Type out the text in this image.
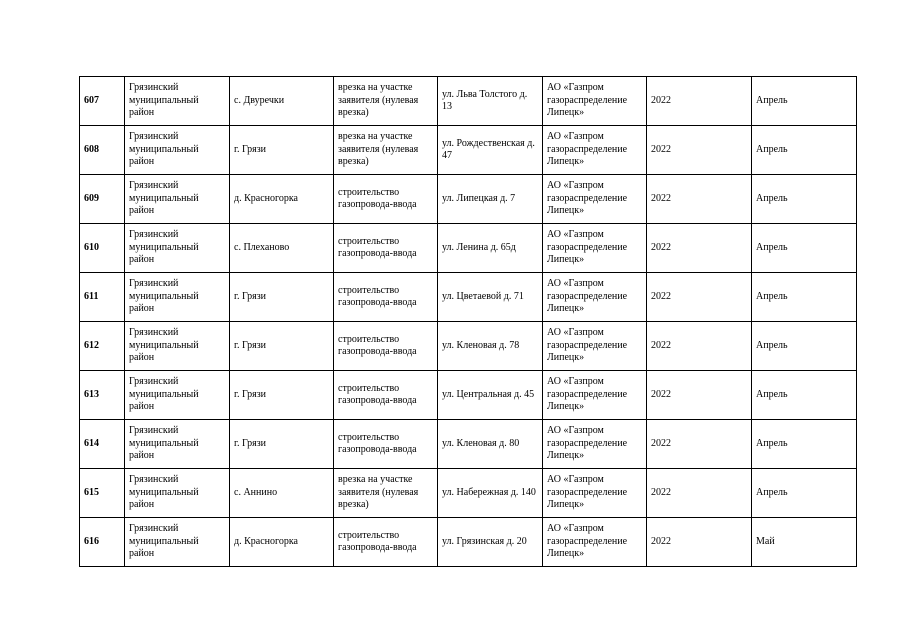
607	Грязинский муниципальный район	с. Двуречки	врезка на участке заявителя (нулевая врезка)	ул. Льва Толстого д. 13	АО «Газпром газораспределение Липецк»	2022	Апрель
608	Грязинский муниципальный район	г. Грязи	врезка на участке заявителя (нулевая врезка)	ул. Рождественская д. 47	АО «Газпром газораспределение Липецк»	2022	Апрель
609	Грязинский муниципальный район	д. Красногорка	строительство газопровода-ввода	ул. Липецкая д. 7	АО «Газпром газораспределение Липецк»	2022	Апрель
610	Грязинский муниципальный район	с. Плеханово	строительство газопровода-ввода	ул. Ленина д. 65д	АО «Газпром газораспределение Липецк»	2022	Апрель
611	Грязинский муниципальный район	г. Грязи	строительство газопровода-ввода	ул. Цветаевой д. 71	АО «Газпром газораспределение Липецк»	2022	Апрель
612	Грязинский муниципальный район	г. Грязи	строительство газопровода-ввода	ул. Кленовая д. 78	АО «Газпром газораспределение Липецк»	2022	Апрель
613	Грязинский муниципальный район	г. Грязи	строительство газопровода-ввода	ул. Центральная д. 45	АО «Газпром газораспределение Липецк»	2022	Апрель
614	Грязинский муниципальный район	г. Грязи	строительство газопровода-ввода	ул. Кленовая д. 80	АО «Газпром газораспределение Липецк»	2022	Апрель
615	Грязинский муниципальный район	с. Аннино	врезка на участке заявителя (нулевая врезка)	ул. Набережная д. 140	АО «Газпром газораспределение Липецк»	2022	Апрель
616	Грязинский муниципальный район	д. Красногорка	строительство газопровода-ввода	ул. Грязинская д. 20	АО «Газпром газораспределение Липецк»	2022	Май
